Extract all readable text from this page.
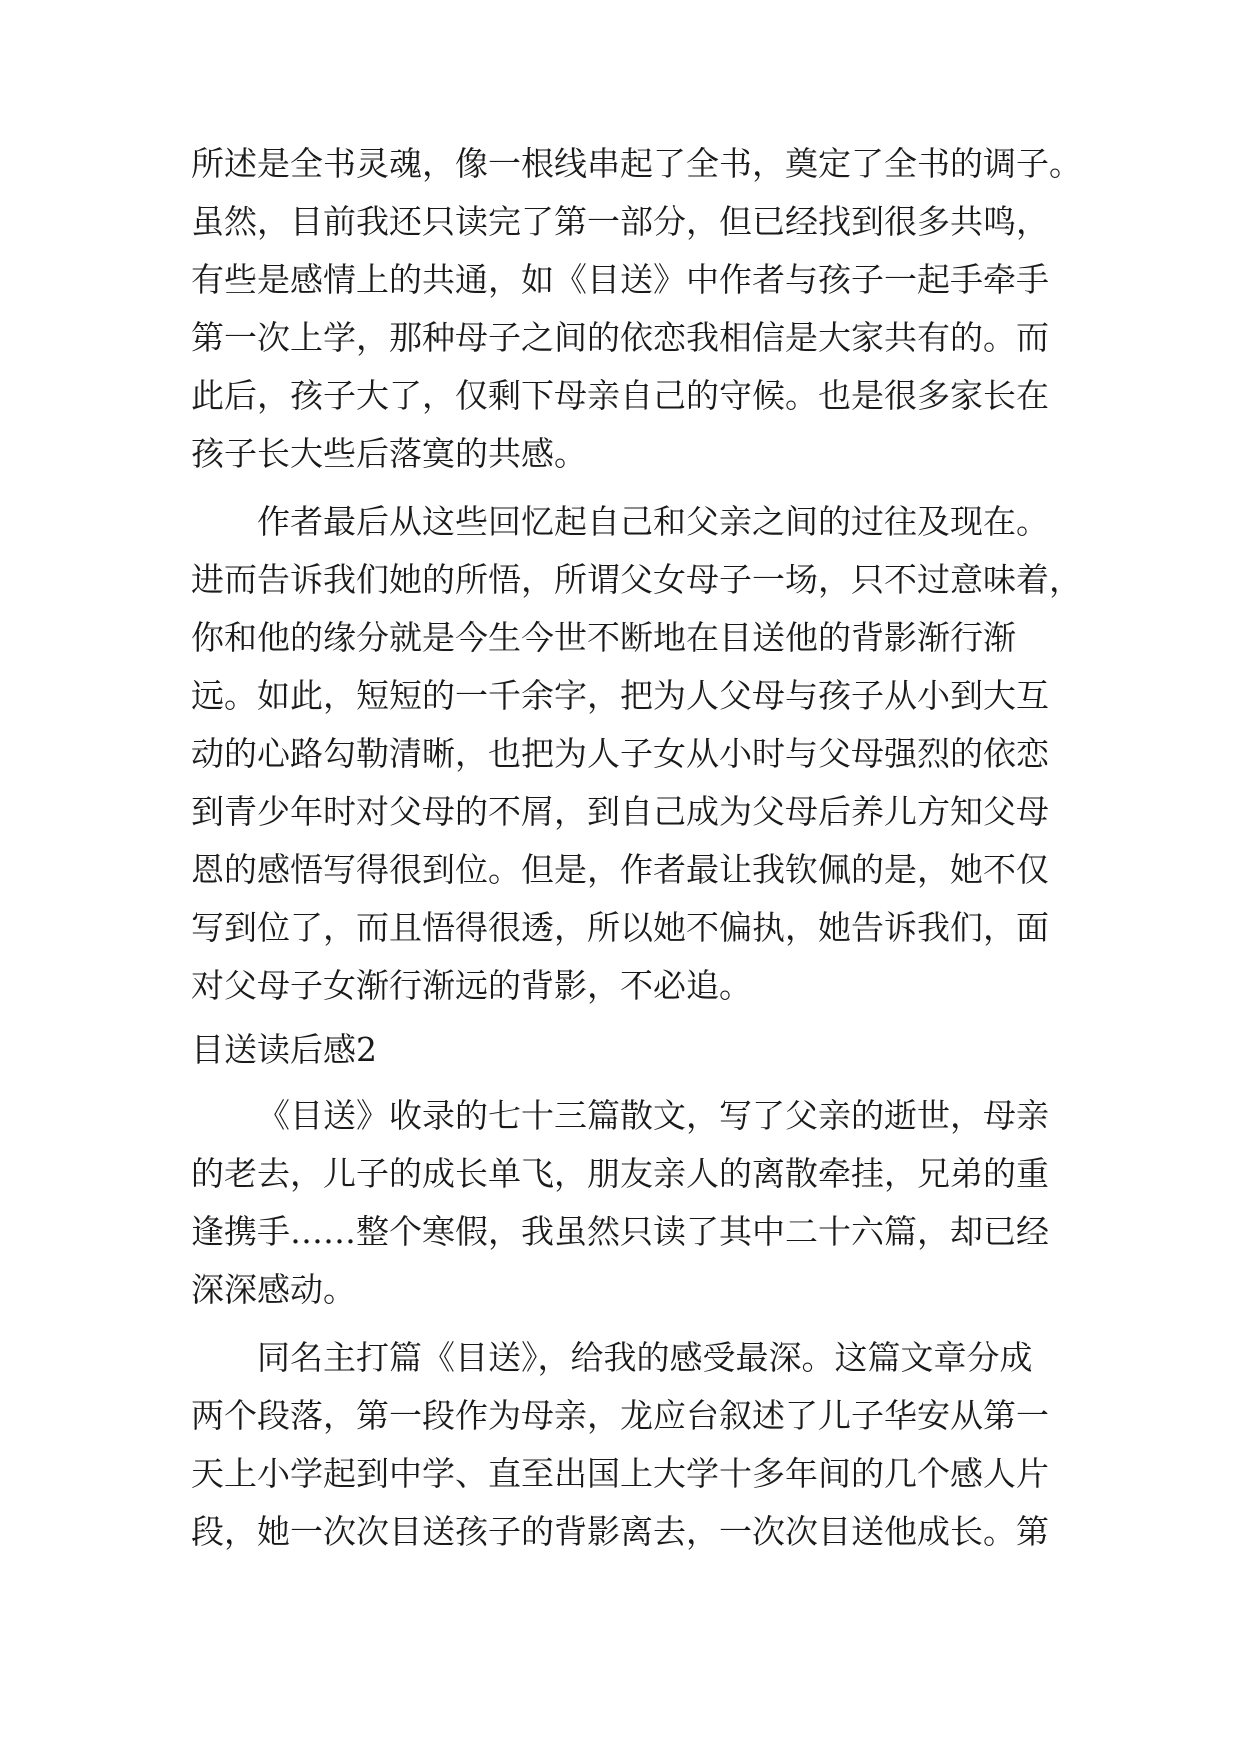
所述是全书灵魂，像一根线串起了全书，奠定了全书的调子。
虽然，目前我还只读完了第一部分，但已经找到很多共鸣，
有些是感情上的共通，如《目送》中作者与孩子一起手牵手
第一次上学，那种母子之间的依恋我相信是大家共有的。而
此后，孩子大了，仅剩下母亲自己的守候。也是很多家长在
孩子长大些后落寞的共感。
作者最后从这些回忆起自己和父亲之间的过往及现在。
进而告诉我们她的所悟，所谓父女母子一场，只不过意味着，
你和他的缘分就是今生今世不断地在目送他的背影渐行渐
远。如此，短短的一千余字，把为人父母与孩子从小到大互
动的心路勾勒清晰，也把为人子女从小时与父母强烈的依恋
到青少年时对父母的不屑，到自己成为父母后养儿方知父母
恩的感悟写得很到位。但是，作者最让我钦佩的是，她不仅
写到位了，而且悟得很透，所以她不偏执，她告诉我们，面
对父母子女渐行渐远的背影，不必追。
目送读后感2
《目送》收录的七十三篇散文，写了父亲的逝世，母亲
的老去，儿子的成长单飞，朋友亲人的离散牵挂，兄弟的重
逢携手……整个寒假，我虽然只读了其中二十六篇，却已经
深深感动。
同名主打篇《目送》，给我的感受最深。这篇文章分成
两个段落，第一段作为母亲，龙应台叙述了儿子华安从第一
天上小学起到中学、直至出国上大学十多年间的几个感人片
段，她一次次目送孩子的背影离去，一次次目送他成长。第
